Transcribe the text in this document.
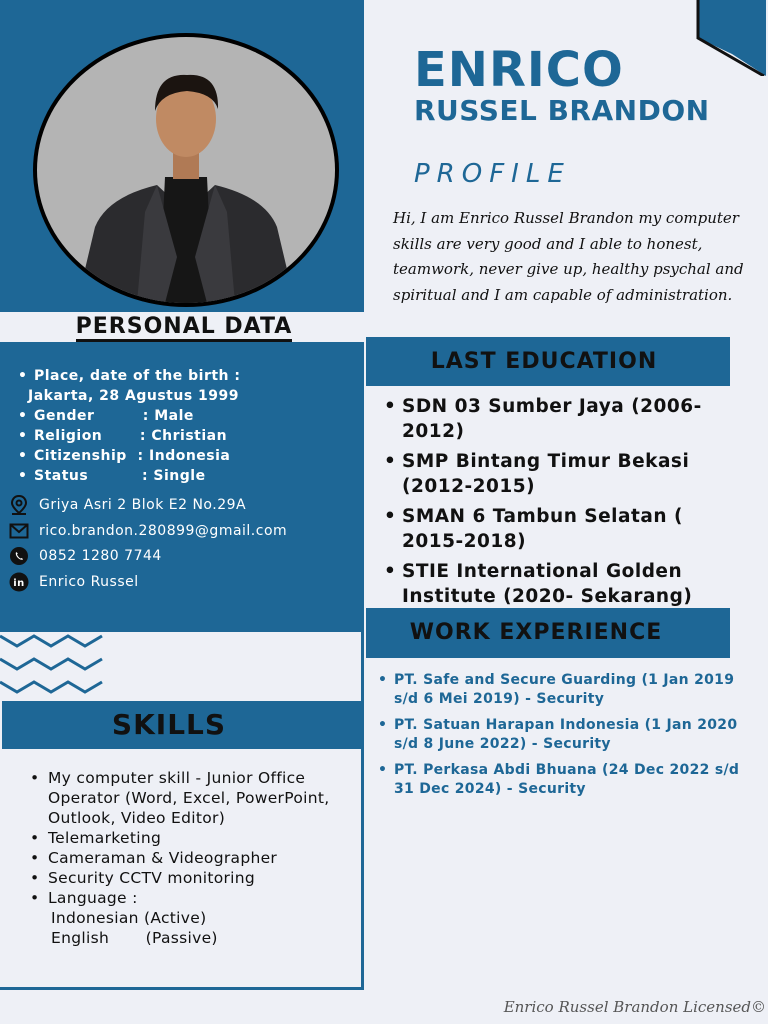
PERSONAL DATA
• Place, date of the birth :
Jakarta, 28 Agustus 1999
• Gender         : Male
• Religion       : Christian
• Citizenship  : Indonesia
• Status          : Single
Griya Asri 2 Blok E2 No.29A
rico.brandon.280899@gmail.com
0852 1280 7744
in Enrico Russel
SKILLS
• My computer skill - Junior Office Operator (Word, Excel, PowerPoint, Outlook, Video Editor)
• Telemarketing
• Cameraman & Videographer
• Security CCTV monitoring
• Language :
Indonesian (Active)
English       (Passive)
ENRICO
RUSSEL BRANDON
PROFILE
Hi, I am Enrico Russel Brandon my computer skills are very good and I able to honest, teamwork, never give up, healthy psychal and spiritual and I am capable of administration.
LAST EDUCATION
• SDN 03 Sumber Jaya (2006-2012)
• SMP Bintang Timur Bekasi (2012-2015)
• SMAN 6 Tambun Selatan ( 2015-2018)
• STIE International Golden Institute (2020- Sekarang)
WORK EXPERIENCE
• PT. Safe and Secure Guarding (1 Jan 2019 s/d 6 Mei 2019) - Security
• PT. Satuan Harapan Indonesia (1 Jan 2020 s/d 8 June 2022) - Security
• PT. Perkasa Abdi Bhuana (24 Dec 2022 s/d 31 Dec 2024) - Security
Enrico Russel Brandon Licensed©
